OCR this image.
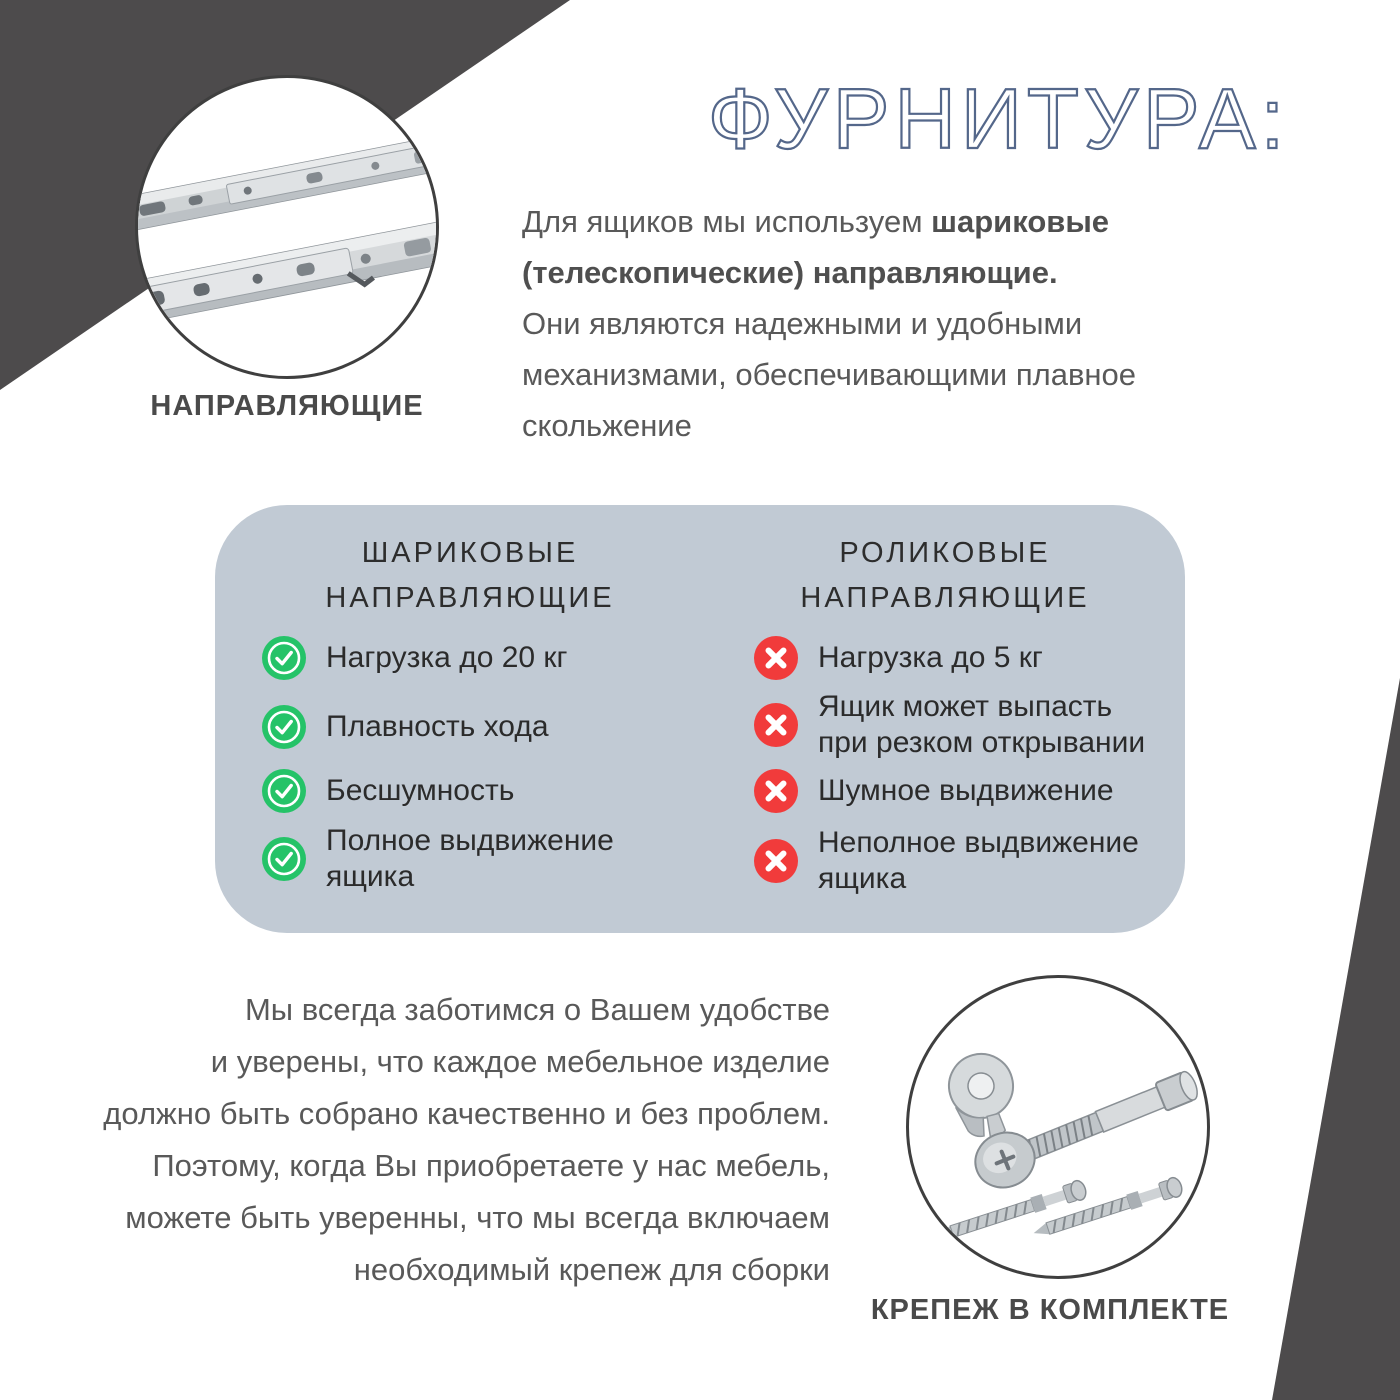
ФУРНИТУРА:
НАПРАВЛЯЮЩИЕ
Для ящиков мы используем шариковые
(телескопические) направляющие.
Они являются надежными и удобными
механизмами, обеспечивающими плавное
скольжение
ШАРИКОВЫЕ
НАПРАВЛЯЮЩИЕ
РОЛИКОВЫЕ
НАПРАВЛЯЮЩИЕ
Нагрузка до 20 кг
Плавность хода
Бесшумность
Полное выдвижение
ящика
Нагрузка до 5 кг
Ящик может выпасть
при резком открывании
Шумное выдвижение
Неполное выдвижение
ящика
Мы всегда заботимся о Вашем удобстве
и уверены, что каждое мебельное изделие
должно быть собрано качественно и без проблем.
Поэтому, когда Вы приобретаете у нас мебель,
можете быть уверенны, что мы всегда включаем
необходимый крепеж для сборки
КРЕПЕЖ В КОМПЛЕКТЕ
